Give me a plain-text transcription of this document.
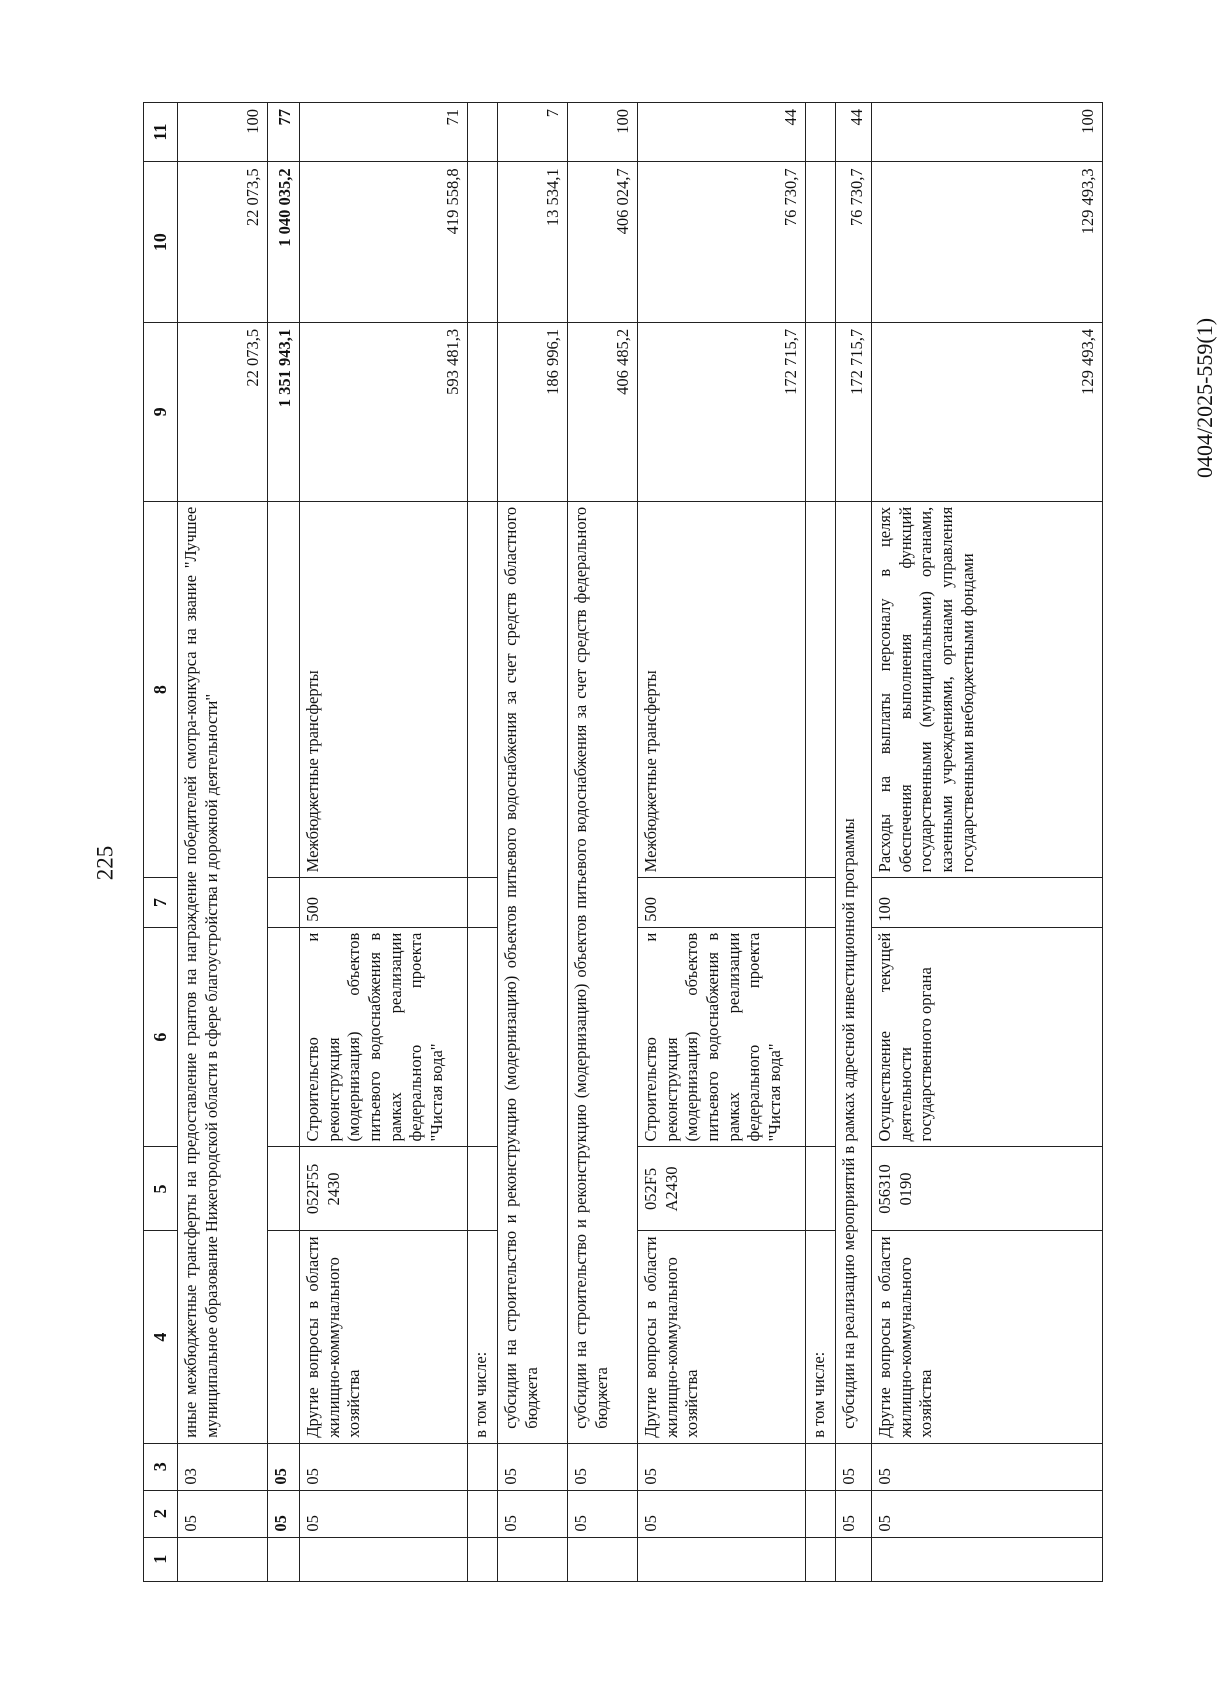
225
0404/2025-559(1)
1	2	3	4	5	6	7	8	9	10	11
	05	03	иные межбюджетные трансферты на предоставление грантов на награждение победителей смотра-конкурса на звание "Лучшее муниципальное образование Нижегородской области в сфере благоустройства и дорожной деятельности"					22 073,5	22 073,5	100
	05	05						1 351 943,1	1 040 035,2	77
	05	05	Другие вопросы в области жилищно-коммунального хозяйства	052F55 2430	Строительство и реконструкция (модернизация) объектов питьевого водоснабжения в рамках реализации федерального проекта "Чистая вода"	500	Межбюджетные трансферты	593 481,3	419 558,8	71
			в том числе:							
	05	05	субсидии на строительство и реконструкцию (модернизацию) объектов питьевого водоснабжения за счет средств областного бюджета					186 996,1	13 534,1	7
	05	05	субсидии на строительство и реконструкцию (модернизацию) объектов питьевого водоснабжения за счет средств федерального бюджета					406 485,2	406 024,7	100
	05	05	Другие вопросы в области жилищно-коммунального хозяйства	052F5 A2430	Строительство и реконструкция (модернизация) объектов питьевого водоснабжения в рамках реализации федерального проекта "Чистая вода"	500	Межбюджетные трансферты	172 715,7	76 730,7	44
			в том числе:							
	05	05	субсидии на реализацию мероприятий в рамках адресной инвестиционной программы					172 715,7	76 730,7	44
	05	05	Другие вопросы в области жилищно-коммунального хозяйства	056310 0190	Осуществление текущей деятельности государственного органа	100	Расходы на выплаты персоналу в целях обеспечения выполнения функций государственными (муниципальными) органами, казенными учреждениями, органами управления государственными внебюджетными фондами	129 493,4	129 493,3	100
